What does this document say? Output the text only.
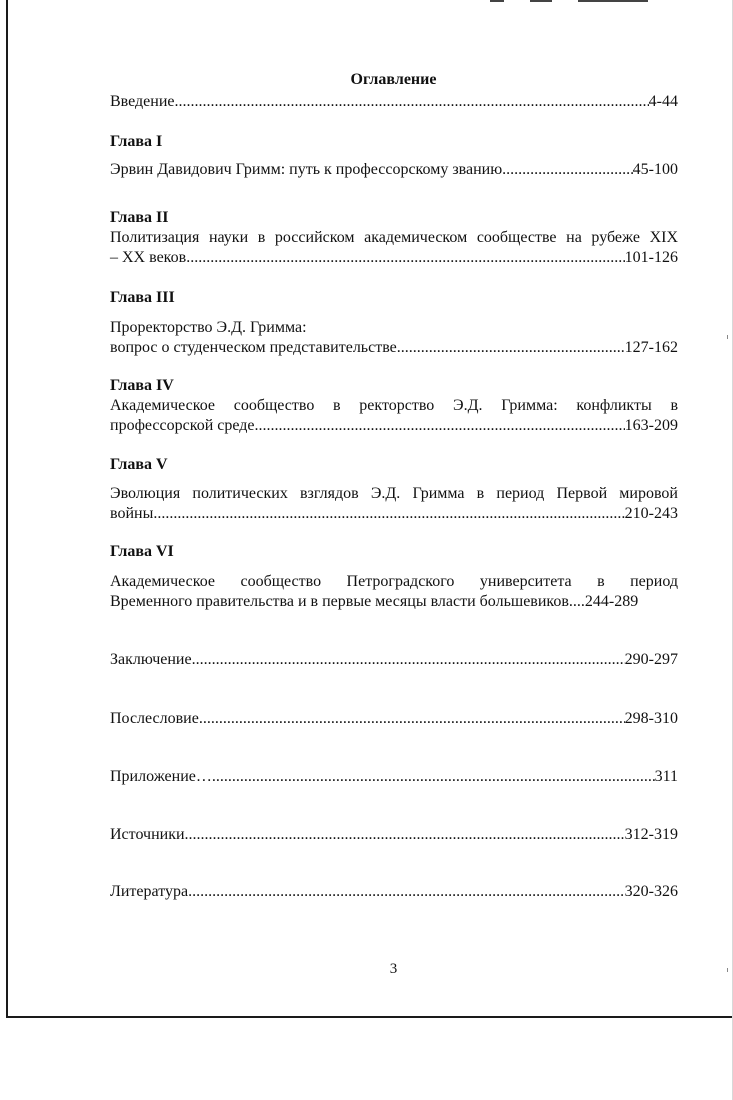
Оглавление
Введение .....	4-44
Глава I
Эрвин Давидович Гримм: путь к профессорскому званию .....	45-100
Глава II
Политизация науки в российском академическом сообществе на рубеже XIX
– XX веков .....	101-126
Глава III
Проректорство Э.Д. Гримма:
вопрос о студенческом представительстве .....	127-162
Глава IV
Академическое сообщество в ректорство Э.Д. Гримма: конфликты в
профессорской среде .....	163-209
Глава V
Эволюция политических взглядов Э.Д. Гримма в период Первой мировой
войны .....	210-243
Глава VI
Академическое сообщество Петроградского университета в период
Временного правительства и в первые месяцы власти большевиков....244-289
Заключение .....	290-297
Послесловие .....	298-310
Приложение… .....	311
Источники .....	312-319
Литература .....	320-326
3
